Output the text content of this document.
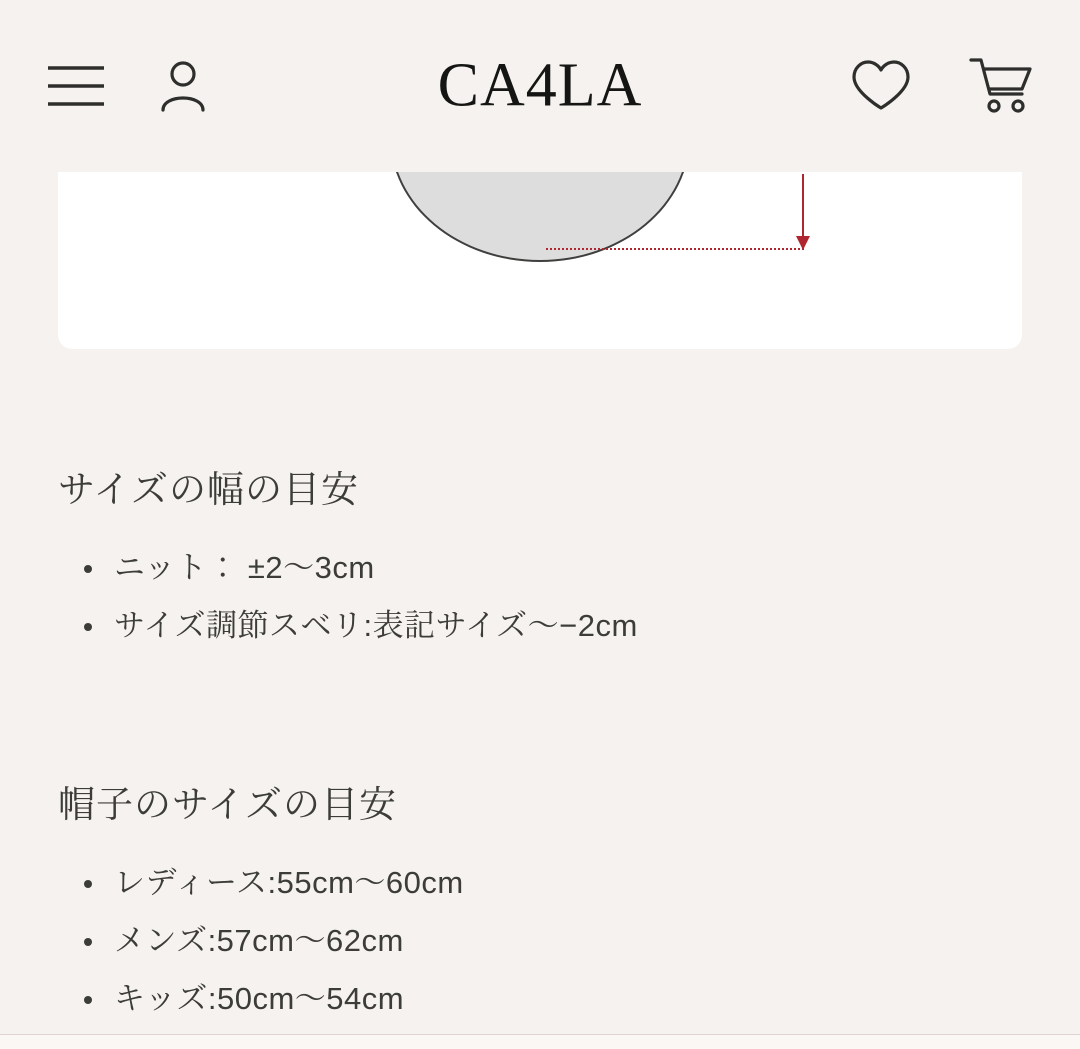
CA4LA
サイズの幅の目安
ニット： ±2〜3cm
サイズ調節スベリ:表記サイズ〜−2cm
帽子のサイズの目安
レディース:55cm〜60cm
メンズ:57cm〜62cm
キッズ:50cm〜54cm
